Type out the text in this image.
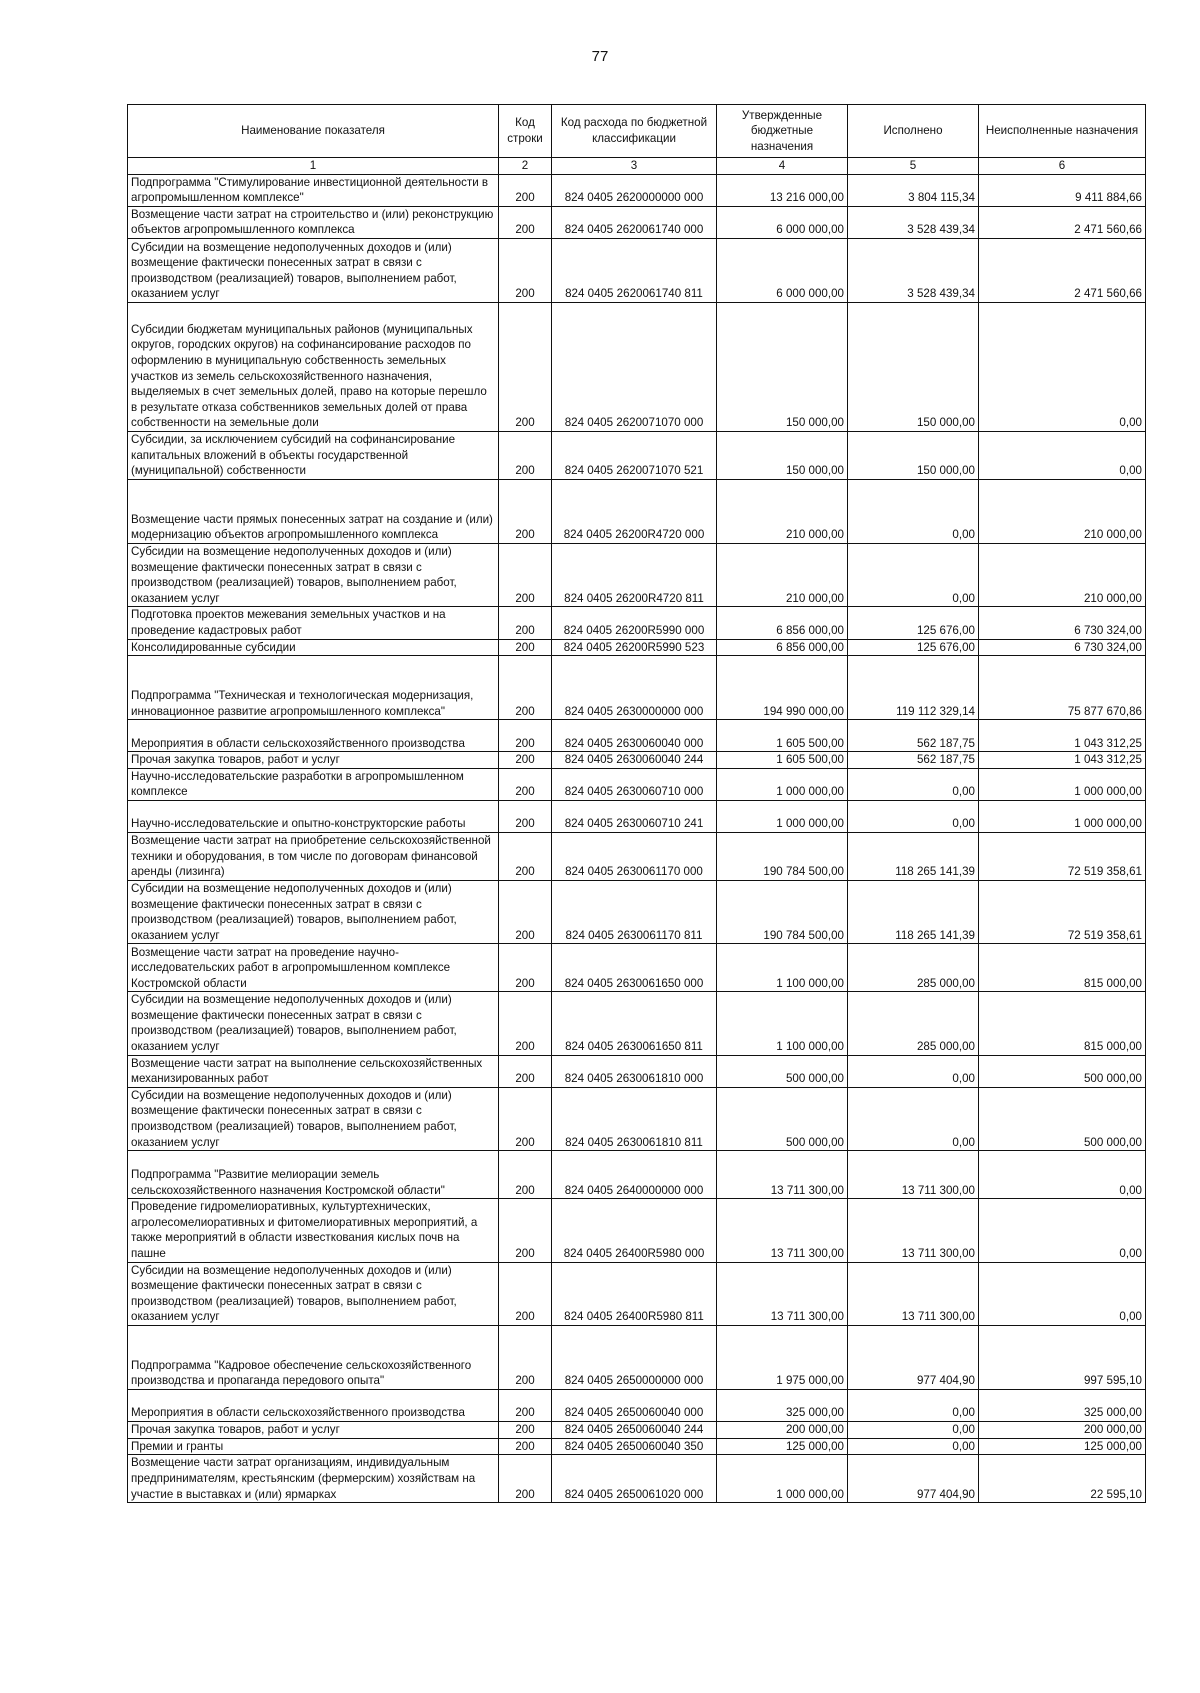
77
Наименование показателя	Код строки	Код расхода по бюджетной классификации	Утвержденные бюджетные назначения	Исполнено	Неисполненные назначения
1	2	3	4	5	6
Подпрограмма "Стимулирование инвестиционной деятельности в агропромышленном комплексе"	200	824 0405 2620000000 000	13 216 000,00	3 804 115,34	9 411 884,66
Возмещение части затрат на строительство и (или) реконструкцию объектов агропромышленного комплекса	200	824 0405 2620061740 000	6 000 000,00	3 528 439,34	2 471 560,66
Субсидии на возмещение недополученных доходов и (или) возмещение фактически понесенных затрат в связи с производством (реализацией) товаров, выполнением работ, оказанием услуг	200	824 0405 2620061740 811	6 000 000,00	3 528 439,34	2 471 560,66
Субсидии бюджетам муниципальных районов (муниципальных округов, городских округов) на софинансирование расходов по оформлению в муниципальную собственность земельных участков из земель сельскохозяйственного назначения, выделяемых в счет земельных долей, право на которые перешло в результате отказа собственников земельных долей от права собственности на земельные доли	200	824 0405 2620071070 000	150 000,00	150 000,00	0,00
Субсидии, за исключением субсидий на софинансирование капитальных вложений в объекты государственной (муниципальной) собственности	200	824 0405 2620071070 521	150 000,00	150 000,00	0,00
Возмещение части прямых понесенных затрат на создание и (или) модернизацию объектов агропромышленного комплекса	200	824 0405 26200R4720 000	210 000,00	0,00	210 000,00
Субсидии на возмещение недополученных доходов и (или) возмещение фактически понесенных затрат в связи с производством (реализацией) товаров, выполнением работ, оказанием услуг	200	824 0405 26200R4720 811	210 000,00	0,00	210 000,00
Подготовка проектов межевания земельных участков и на проведение кадастровых работ	200	824 0405 26200R5990 000	6 856 000,00	125 676,00	6 730 324,00
Консолидированные субсидии	200	824 0405 26200R5990 523	6 856 000,00	125 676,00	6 730 324,00
Подпрограмма "Техническая и технологическая модернизация, инновационное развитие агропромышленного комплекса"	200	824 0405 2630000000 000	194 990 000,00	119 112 329,14	75 877 670,86
Мероприятия в области сельскохозяйственного производства	200	824 0405 2630060040 000	1 605 500,00	562 187,75	1 043 312,25
Прочая закупка товаров, работ и услуг	200	824 0405 2630060040 244	1 605 500,00	562 187,75	1 043 312,25
Научно-исследовательские разработки в агропромышленном комплексе	200	824 0405 2630060710 000	1 000 000,00	0,00	1 000 000,00
Научно-исследовательские и опытно-конструкторские работы	200	824 0405 2630060710 241	1 000 000,00	0,00	1 000 000,00
Возмещение части затрат на приобретение сельскохозяйственной техники и оборудования, в том числе по договорам финансовой аренды (лизинга)	200	824 0405 2630061170 000	190 784 500,00	118 265 141,39	72 519 358,61
Субсидии на возмещение недополученных доходов и (или) возмещение фактически понесенных затрат в связи с производством (реализацией) товаров, выполнением работ, оказанием услуг	200	824 0405 2630061170 811	190 784 500,00	118 265 141,39	72 519 358,61
Возмещение части затрат на проведение научно-исследовательских работ в агропромышленном комплексе Костромской области	200	824 0405 2630061650 000	1 100 000,00	285 000,00	815 000,00
Субсидии на возмещение недополученных доходов и (или) возмещение фактически понесенных затрат в связи с производством (реализацией) товаров, выполнением работ, оказанием услуг	200	824 0405 2630061650 811	1 100 000,00	285 000,00	815 000,00
Возмещение части затрат на выполнение сельскохозяйственных механизированных работ	200	824 0405 2630061810 000	500 000,00	0,00	500 000,00
Субсидии на возмещение недополученных доходов и (или) возмещение фактически понесенных затрат в связи с производством (реализацией) товаров, выполнением работ, оказанием услуг	200	824 0405 2630061810 811	500 000,00	0,00	500 000,00
Подпрограмма "Развитие мелиорации земель сельскохозяйственного назначения Костромской области"	200	824 0405 2640000000 000	13 711 300,00	13 711 300,00	0,00
Проведение гидромелиоративных, культуртехнических, агролесомелиоративных и фитомелиоративных мероприятий, а также мероприятий в области известкования кислых почв на пашне	200	824 0405 26400R5980 000	13 711 300,00	13 711 300,00	0,00
Субсидии на возмещение недополученных доходов и (или) возмещение фактически понесенных затрат в связи с производством (реализацией) товаров, выполнением работ, оказанием услуг	200	824 0405 26400R5980 811	13 711 300,00	13 711 300,00	0,00
Подпрограмма "Кадровое обеспечение сельскохозяйственного производства и пропаганда передового опыта"	200	824 0405 2650000000 000	1 975 000,00	977 404,90	997 595,10
Мероприятия в области сельскохозяйственного производства	200	824 0405 2650060040 000	325 000,00	0,00	325 000,00
Прочая закупка товаров, работ и услуг	200	824 0405 2650060040 244	200 000,00	0,00	200 000,00
Премии и гранты	200	824 0405 2650060040 350	125 000,00	0,00	125 000,00
Возмещение части затрат организациям, индивидуальным предпринимателям, крестьянским (фермерским) хозяйствам на участие в выставках и (или) ярмарках	200	824 0405 2650061020 000	1 000 000,00	977 404,90	22 595,10
